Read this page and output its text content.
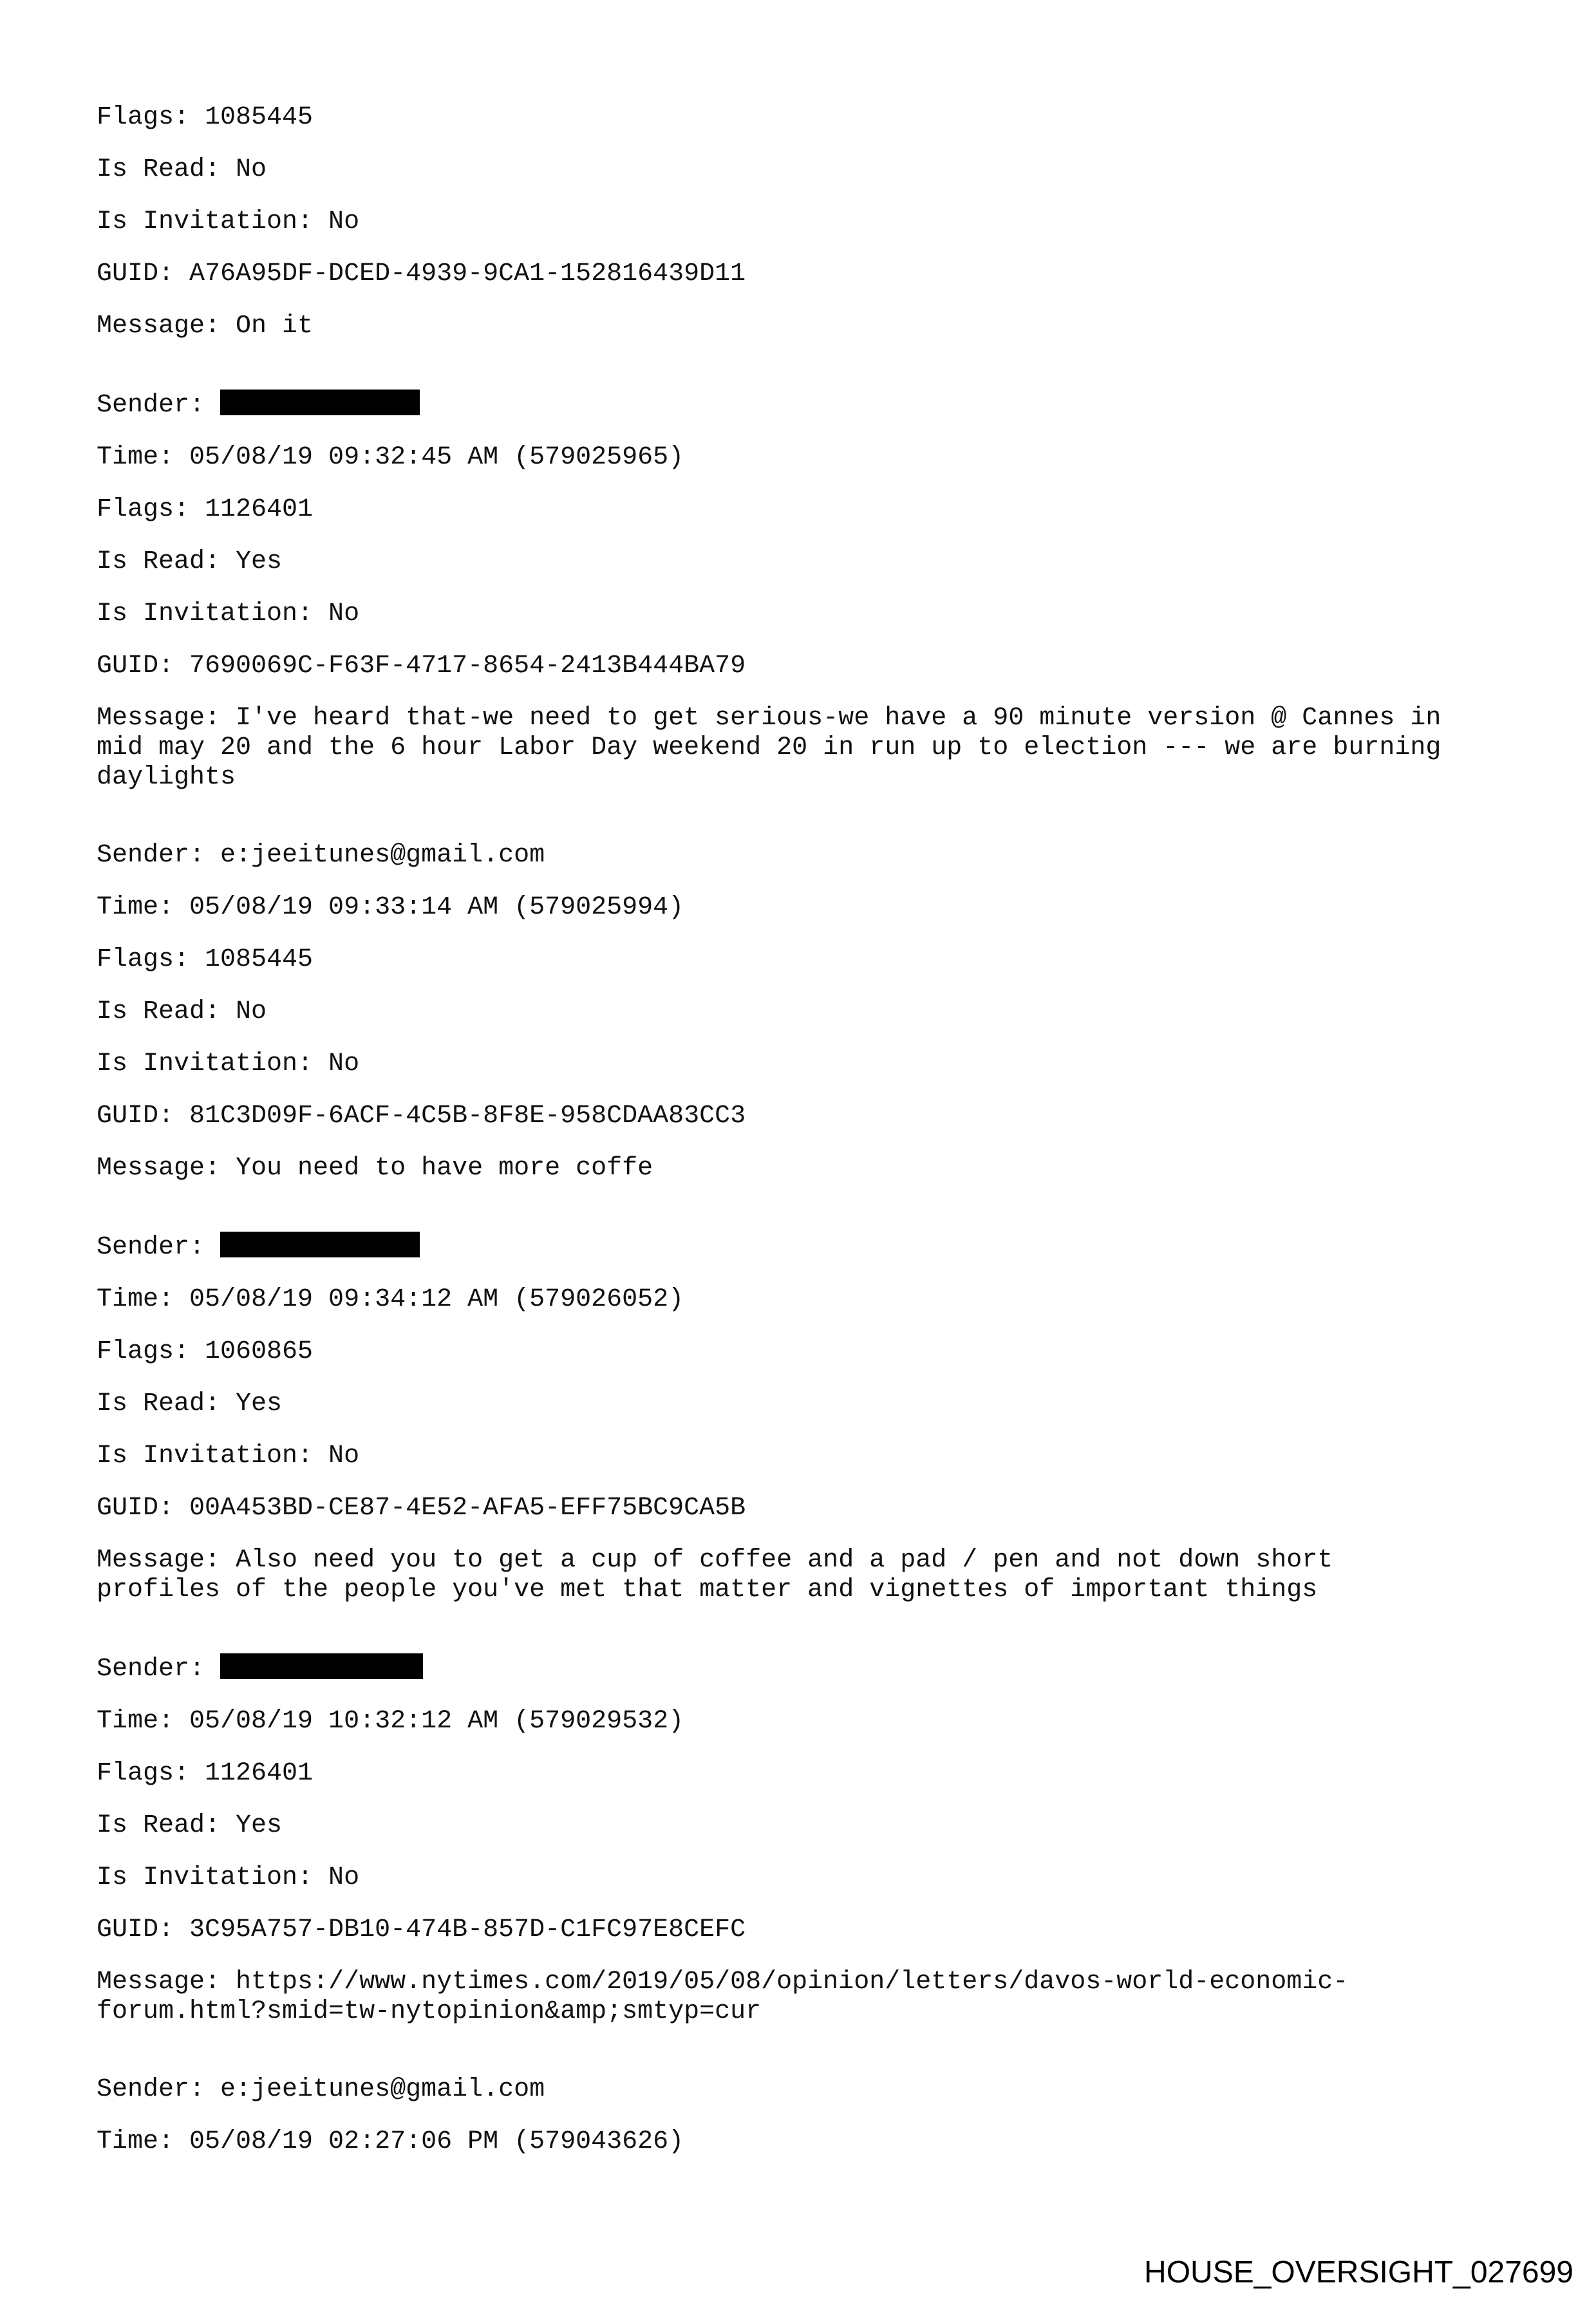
Flags: 1085445
Is Read: No
Is Invitation: No
GUID: A76A95DF-DCED-4939-9CA1-152816439D11
Message: On it
Sender:
Time: 05/08/19 09:32:45 AM (579025965)
Flags: 1126401
Is Read: Yes
Is Invitation: No
GUID: 7690069C-F63F-4717-8654-2413B444BA79
Message: I've heard that-we need to get serious-we have a 90 minute version @ Cannes in
mid may 20 and the 6 hour Labor Day weekend 20 in run up to election --- we are burning
daylights
Sender: e:jeeitunes@gmail.com
Time: 05/08/19 09:33:14 AM (579025994)
Flags: 1085445
Is Read: No
Is Invitation: No
GUID: 81C3D09F-6ACF-4C5B-8F8E-958CDAA83CC3
Message: You need to have more coffe
Sender:
Time: 05/08/19 09:34:12 AM (579026052)
Flags: 1060865
Is Read: Yes
Is Invitation: No
GUID: 00A453BD-CE87-4E52-AFA5-EFF75BC9CA5B
Message: Also need you to get a cup of coffee and a pad / pen and not down short
profiles of the people you've met that matter and vignettes of important things
Sender:
Time: 05/08/19 10:32:12 AM (579029532)
Flags: 1126401
Is Read: Yes
Is Invitation: No
GUID: 3C95A757-DB10-474B-857D-C1FC97E8CEFC
Message: https://www.nytimes.com/2019/05/08/opinion/letters/davos-world-economic-
forum.html?smid=tw-nytopinion&amp;smtyp=cur
Sender: e:jeeitunes@gmail.com
Time: 05/08/19 02:27:06 PM (579043626)
HOUSE_OVERSIGHT_027699
